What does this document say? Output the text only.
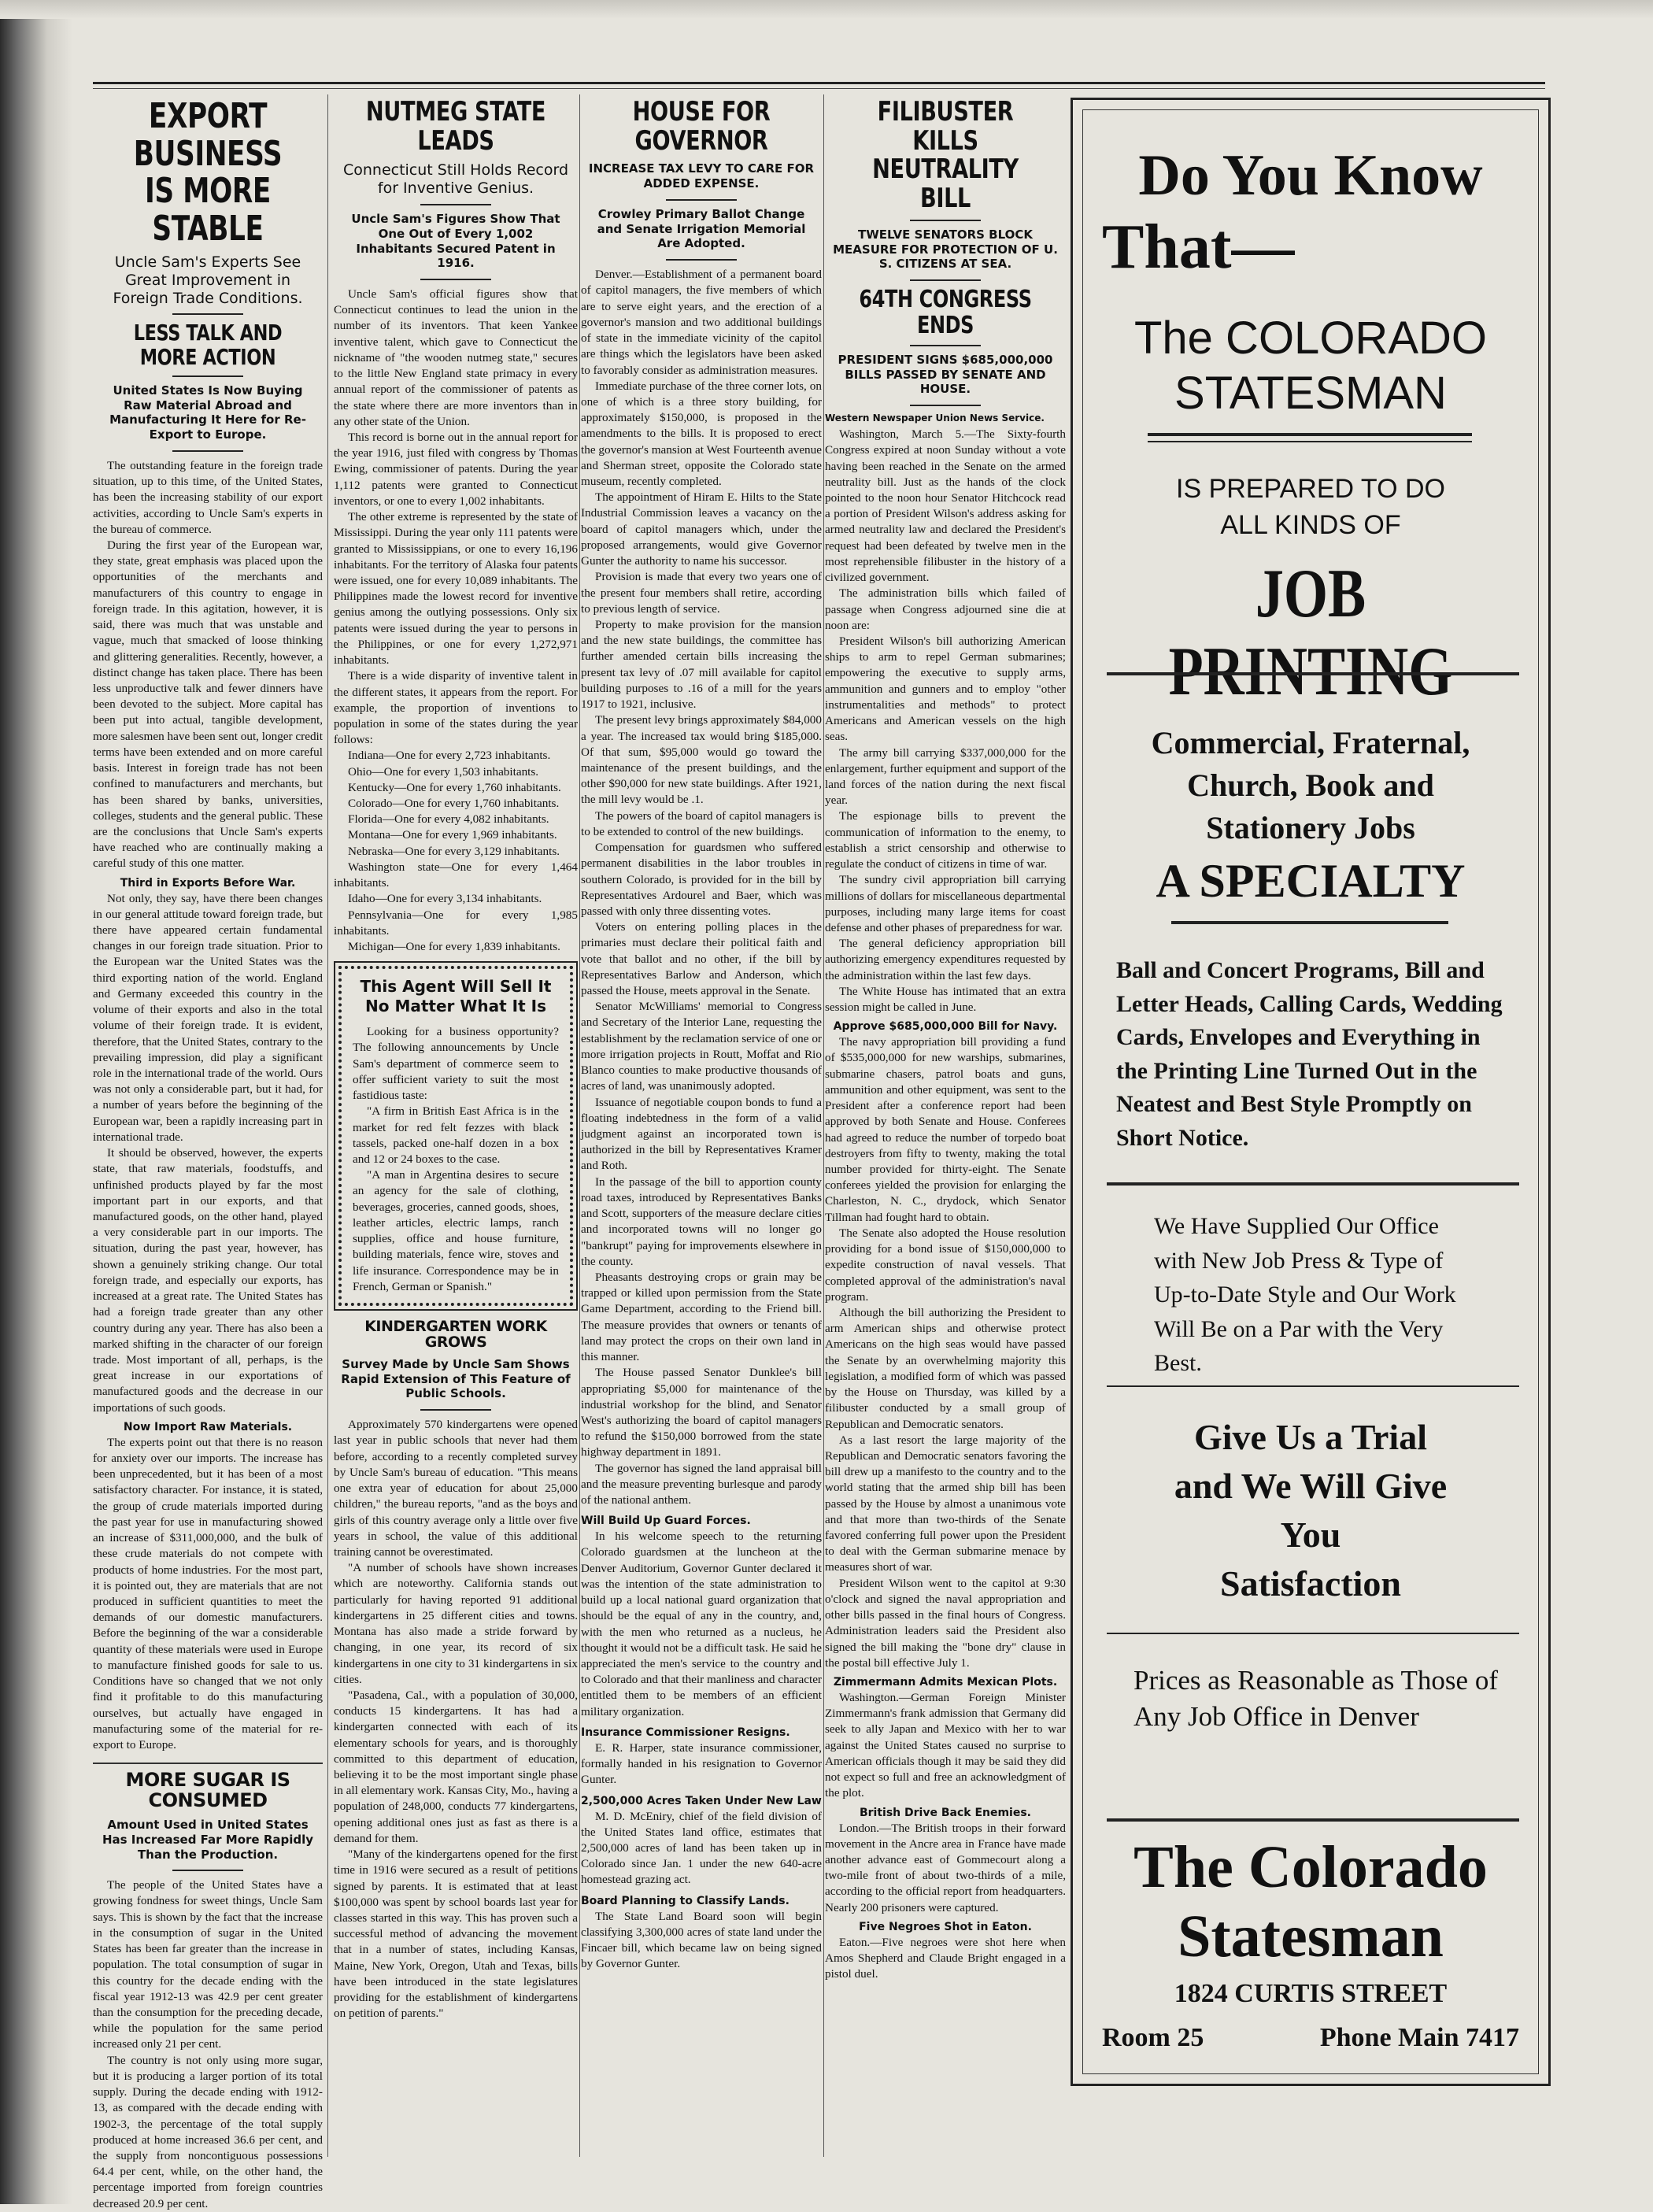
EXPORT BUSINESS IS MORE STABLE
Uncle Sam's Experts See Great Improvement in Foreign Trade Conditions.
LESS TALK AND MORE ACTION
United States Is Now Buying Raw Material Abroad and Manufacturing It Here for Re-Export to Europe.

The outstanding feature in the foreign trade situation, up to this time, of the United States, has been the increasing stability of our export activities, according to Uncle Sam's experts in the bureau of commerce.

During the first year of the European war, they state, great emphasis was placed upon the opportunities of the merchants and manufacturers of this country to engage in foreign trade. In this agitation, however, it is said, there was much that was unstable and vague, much that smacked of loose thinking and glittering generalities. Recently, however, a distinct change has taken place. There has been less unproductive talk and fewer dinners have been devoted to the subject. More capital has been put into actual, tangible development, more salesmen have been sent out, longer credit terms have been extended and on more careful basis. Interest in foreign trade has not been confined to manufacturers and merchants, but has been shared by banks, universities, colleges, students and the general public. These are the conclusions that Uncle Sam's experts have reached who are continually making a careful study of this one matter.

Third in Exports Before War.

Not only, they say, have there been changes in our general attitude toward foreign trade, but there have appeared certain fundamental changes in our foreign trade situation. Prior to the European war the United States was the third exporting nation of the world. England and Germany exceeded this country in the volume of their exports and also in the total volume of their foreign trade. It is evident, therefore, that the United States, contrary to the prevailing impression, did play a significant role in the international trade of the world. Ours was not only a considerable part, but it had, for a number of years before the beginning of the European war, been a rapidly increasing part in international trade.

It should be observed, however, the experts state, that raw materials, foodstuffs, and unfinished products played by far the most important part in our exports, and that manufactured goods, on the other hand, played a very considerable part in our imports. The situation, during the past year, however, has shown a genuinely striking change. Our total foreign trade, and especially our exports, has increased at a great rate. The United States has had a foreign trade greater than any other country during any year. There has also been a marked shifting in the character of our foreign trade. Most important of all, perhaps, is the great increase in our exportations of manufactured goods and the decrease in our importations of such goods.

Now Import Raw Materials.

The experts point out that there is no reason for anxiety over our imports. The increase has been unprecedented, but it has been of a most satisfactory character. For instance, it is stated, the group of crude materials imported during the past year for use in manufacturing showed an increase of $311,000,000, and the bulk of these crude materials do not compete with products of home industries. For the most part, it is pointed out, they are materials that are not produced in sufficient quantities to meet the demands of our domestic manufacturers. Before the beginning of the war a considerable quantity of these materials were used in Europe to manufacture finished goods for sale to us. Conditions have so changed that we not only find it profitable to do this manufacturing ourselves, but actually have engaged in manufacturing some of the material for re-export to Europe.

MORE SUGAR IS CONSUMED
Amount Used in United States Has Increased Far More Rapidly Than the Production.

The people of the United States have a growing fondness for sweet things, Uncle Sam says. This is shown by the fact that the increase in the consumption of sugar in the United States has been far greater than the increase in population. The total consumption of sugar in this country for the decade ending with the fiscal year 1912-13 was 42.9 per cent greater than the consumption for the preceding decade, while the population for the same period increased only 21 per cent.

The country is not only using more sugar, but it is producing a larger portion of its total supply. During the decade ending with 1912-13, as compared with the decade ending with 1902-3, the percentage of the total supply produced at home increased 36.6 per cent, and the supply from noncontiguous possessions 64.4 per cent, while, on the other hand, the percentage imported from foreign countries decreased 20.9 per cent.

NUTMEG STATE LEADS
Connecticut Still Holds Record for Inventive Genius.
Uncle Sam's Figures Show That One Out of Every 1,002 Inhabitants Secured Patent in 1916.

Uncle Sam's official figures show that Connecticut continues to lead the union in the number of its inventors. That keen Yankee inventive talent, which gave to Connecticut the nickname of "the wooden nutmeg state," secures to the little New England state primacy in every annual report of the commissioner of patents as the state where there are more inventors than in any other state of the Union.

This record is borne out in the annual report for the year 1916, just filed with congress by Thomas Ewing, commissioner of patents. During the year 1,112 patents were granted to Connecticut inventors, or one to every 1,002 inhabitants.

The other extreme is represented by the state of Mississippi. During the year only 111 patents were granted to Mississippians, or one to every 16,196 inhabitants. For the territory of Alaska four patents were issued, one for every 10,089 inhabitants. The Philippines made the lowest record for inventive genius among the outlying possessions. Only six patents were issued during the year to persons in the Philippines, or one for every 1,272,971 inhabitants.

There is a wide disparity of inventive talent in the different states, it appears from the report. For example, the proportion of inventions to population in some of the states during the year follows:

Indiana—One for every 2,723 inhabitants.

Ohio—One for every 1,503 inhabitants.

Kentucky—One for every 1,760 inhabitants.

Colorado—One for every 1,760 inhabitants.

Florida—One for every 4,082 inhabitants.

Montana—One for every 1,969 inhabitants.

Nebraska—One for every 3,129 inhabitants.

Washington state—One for every 1,464 inhabitants.

Idaho—One for every 3,134 inhabitants.

Pennsylvania—One for every 1,985 inhabitants.

Michigan—One for every 1,839 inhabitants.

This Agent Will Sell It No Matter What It Is

Looking for a business opportunity? The following announcements by Uncle Sam's department of commerce seem to offer sufficient variety to suit the most fastidious taste:

"A firm in British East Africa is in the market for red felt fezzes with black tassels, packed one-half dozen in a box and 12 or 24 boxes to the case.

"A man in Argentina desires to secure an agency for the sale of clothing, beverages, groceries, canned goods, shoes, leather articles, electric lamps, ranch supplies, office and house furniture, building materials, fence wire, stoves and life insurance. Correspondence may be in French, German or Spanish."

KINDERGARTEN WORK GROWS
Survey Made by Uncle Sam Shows Rapid Extension of This Feature of Public Schools.

Approximately 570 kindergartens were opened last year in public schools that never had them before, according to a recently completed survey by Uncle Sam's bureau of education. "This means one extra year of education for about 25,000 children," the bureau reports, "and as the boys and girls of this country average only a little over five years in school, the value of this additional training cannot be overestimated.

"A number of schools have shown increases which are noteworthy. California stands out particularly for having reported 91 additional kindergartens in 25 different cities and towns. Montana has also made a stride forward by changing, in one year, its record of six kindergartens in one city to 31 kindergartens in six cities.

"Pasadena, Cal., with a population of 30,000, conducts 15 kindergartens. It has had a kindergarten connected with each of its elementary schools for years, and is thoroughly committed to this department of education, believing it to be the most important single phase in all elementary work. Kansas City, Mo., having a population of 248,000, conducts 77 kindergartens, opening additional ones just as fast as there is a demand for them.

"Many of the kindergartens opened for the first time in 1916 were secured as a result of petitions signed by parents. It is estimated that at least $100,000 was spent by school boards last year for classes started in this way. This has proven such a successful method of advancing the movement that in a number of states, including Kansas, Maine, New York, Oregon, Utah and Texas, bills have been introduced in the state legislatures providing for the establishment of kindergartens on petition of parents."

HOUSE FOR GOVERNOR
INCREASE TAX LEVY TO CARE FOR ADDED EXPENSE.
Crowley Primary Ballot Change and Senate Irrigation Memorial Are Adopted.

Denver.—Establishment of a permanent board of capitol managers, the five members of which are to serve eight years, and the erection of a governor's mansion and two additional buildings of state in the immediate vicinity of the capitol are things which the legislators have been asked to favorably consider as administration measures.

Immediate purchase of the three corner lots, on one of which is a three story building, for approximately $150,000, is proposed in the amendments to the bills. It is proposed to erect the governor's mansion at West Fourteenth avenue and Sherman street, opposite the Colorado state museum, recently completed.

The appointment of Hiram E. Hilts to the State Industrial Commission leaves a vacancy on the board of capitol managers which, under the proposed arrangements, would give Governor Gunter the authority to name his successor.

Provision is made that every two years one of the present four members shall retire, according to previous length of service.

Property to make provision for the mansion and the new state buildings, the committee has further amended certain bills increasing the present tax levy of .07 mill available for capitol building purposes to .16 of a mill for the years 1917 to 1921, inclusive.

The present levy brings approximately $84,000 a year. The increased tax would bring $185,000. Of that sum, $95,000 would go toward the maintenance of the present buildings, and the other $90,000 for new state buildings. After 1921, the mill levy would be .1.

The powers of the board of capitol managers is to be extended to control of the new buildings.

Compensation for guardsmen who suffered permanent disabilities in the labor troubles in southern Colorado, is provided for in the bill by Representatives Ardourel and Baer, which was passed with only three dissenting votes.

Voters on entering polling places in the primaries must declare their political faith and vote that ballot and no other, if the bill by Representatives Barlow and Anderson, which passed the House, meets approval in the Senate.

Senator McWilliams' memorial to Congress and Secretary of the Interior Lane, requesting the establishment by the reclamation service of one or more irrigation projects in Routt, Moffat and Rio Blanco counties to make productive thousands of acres of land, was unanimously adopted.

Issuance of negotiable coupon bonds to fund a floating indebtedness in the form of a valid judgment against an incorporated town is authorized in the bill by Representatives Kramer and Roth.

In the passage of the bill to apportion county road taxes, introduced by Representatives Banks and Scott, supporters of the measure declare cities and incorporated towns will no longer go "bankrupt" paying for improvements elsewhere in the county.

Pheasants destroying crops or grain may be trapped or killed upon permission from the State Game Department, according to the Friend bill. The measure provides that owners or tenants of land may protect the crops on their own land in this manner.

The House passed Senator Dunklee's bill appropriating $5,000 for maintenance of the industrial workshop for the blind, and Senator West's authorizing the board of capitol managers to refund the $150,000 borrowed from the state highway department in 1891.

The governor has signed the land appraisal bill and the measure preventing burlesque and parody of the national anthem.

Will Build Up Guard Forces.

In his welcome speech to the returning Colorado guardsmen at the luncheon at the Denver Auditorium, Governor Gunter declared it was the intention of the state administration to build up a local national guard organization that should be the equal of any in the country, and, with the men who returned as a nucleus, he thought it would not be a difficult task. He said he appreciated the men's service to the country and to Colorado and that their manliness and character entitled them to be members of an efficient military organization.

Insurance Commissioner Resigns.

E. R. Harper, state insurance commissioner, formally handed in his resignation to Governor Gunter.

2,500,000 Acres Taken Under New Law

M. D. McEniry, chief of the field division of the United States land office, estimates that 2,500,000 acres of land has been taken up in Colorado since Jan. 1 under the new 640-acre homestead grazing act.

Board Planning to Classify Lands.

The State Land Board soon will begin classifying 3,300,000 acres of state land under the Fincaer bill, which became law on being signed by Governor Gunter.

FILIBUSTER KILLS NEUTRALITY BILL
TWELVE SENATORS BLOCK MEASURE FOR PROTECTION OF U. S. CITIZENS AT SEA.
64TH CONGRESS ENDS
PRESIDENT SIGNS $685,000,000 BILLS PASSED BY SENATE AND HOUSE.
Western Newspaper Union News Service.

Washington, March 5.—The Sixty-fourth Congress expired at noon Sunday without a vote having been reached in the Senate on the armed neutrality bill. Just as the hands of the clock pointed to the noon hour Senator Hitchcock read a portion of President Wilson's address asking for armed neutrality law and declared the President's request had been defeated by twelve men in the most reprehensible filibuster in the history of a civilized government.

The administration bills which failed of passage when Congress adjourned sine die at noon are:

President Wilson's bill authorizing American ships to arm to repel German submarines; empowering the executive to supply arms, ammunition and gunners and to employ "other instrumentalities and methods" to protect Americans and American vessels on the high seas.

The army bill carrying $337,000,000 for the enlargement, further equipment and support of the land forces of the nation during the next fiscal year.

The espionage bills to prevent the communication of information to the enemy, to establish a strict censorship and otherwise to regulate the conduct of citizens in time of war.

The sundry civil appropriation bill carrying millions of dollars for miscellaneous departmental purposes, including many large items for coast defense and other phases of preparedness for war.

The general deficiency appropriation bill authorizing emergency expenditures requested by the administration within the last few days.

The White House has intimated that an extra session might be called in June.

Approve $685,000,000 Bill for Navy.

The navy appropriation bill providing a fund of $535,000,000 for new warships, submarines, submarine chasers, patrol boats and guns, ammunition and other equipment, was sent to the President after a conference report had been approved by both Senate and House. Conferees had agreed to reduce the number of torpedo boat destroyers from fifty to twenty, making the total number provided for thirty-eight. The Senate conferees yielded the provision for enlarging the Charleston, N. C., drydock, which Senator Tillman had fought hard to obtain.

The Senate also adopted the House resolution providing for a bond issue of $150,000,000 to expedite construction of naval vessels. That completed approval of the administration's naval program.

Although the bill authorizing the President to arm American ships and otherwise protect Americans on the high seas would have passed the Senate by an overwhelming majority this legislation, a modified form of which was passed by the House on Thursday, was killed by a filibuster conducted by a small group of Republican and Democratic senators.

As a last resort the large majority of the Republican and Democratic senators favoring the bill drew up a manifesto to the country and to the world stating that the armed ship bill has been passed by the House by almost a unanimous vote and that more than two-thirds of the Senate favored conferring full power upon the President to deal with the German submarine menace by measures short of war.

President Wilson went to the capitol at 9:30 o'clock and signed the naval appropriation and other bills passed in the final hours of Congress. Administration leaders said the President also signed the bill making the "bone dry" clause in the postal bill effective July 1.

Zimmermann Admits Mexican Plots.

Washington.—German Foreign Minister Zimmermann's frank admission that Germany did seek to ally Japan and Mexico with her to war against the United States caused no surprise to American officials though it may be said they did not expect so full and free an acknowledgment of the plot.

British Drive Back Enemies.

London.—The British troops in their forward movement in the Ancre area in France have made another advance east of Gommecourt along a two-mile front of about two-thirds of a mile, according to the official report from headquarters. Nearly 200 prisoners were captured.

Five Negroes Shot in Eaton.

Eaton.—Five negroes were shot here when Amos Shepherd and Claude Bright engaged in a pistol duel.

Do You Know
That—
The COLORADO
STATESMAN
IS PREPARED TO DO
ALL KINDS OF
JOB PRINTING
Commercial, Fraternal,
Church, Book and
Stationery Jobs
A SPECIALTY
Ball and Concert Programs, Bill and Letter Heads, Calling Cards, Wedding Cards, Envelopes and Everything in the Printing Line Turned Out in the Neatest and Best Style Promptly on Short Notice.
We Have Supplied Our Office with New Job Press & Type of Up-to-Date Style and Our Work Will Be on a Par with the Very Best.
Give Us a Trial
and We Will Give
You
Satisfaction
Prices as Reasonable as Those of Any Job Office in Denver
The Colorado
Statesman
1824 CURTIS STREET
Room 25	Phone Main 7417
